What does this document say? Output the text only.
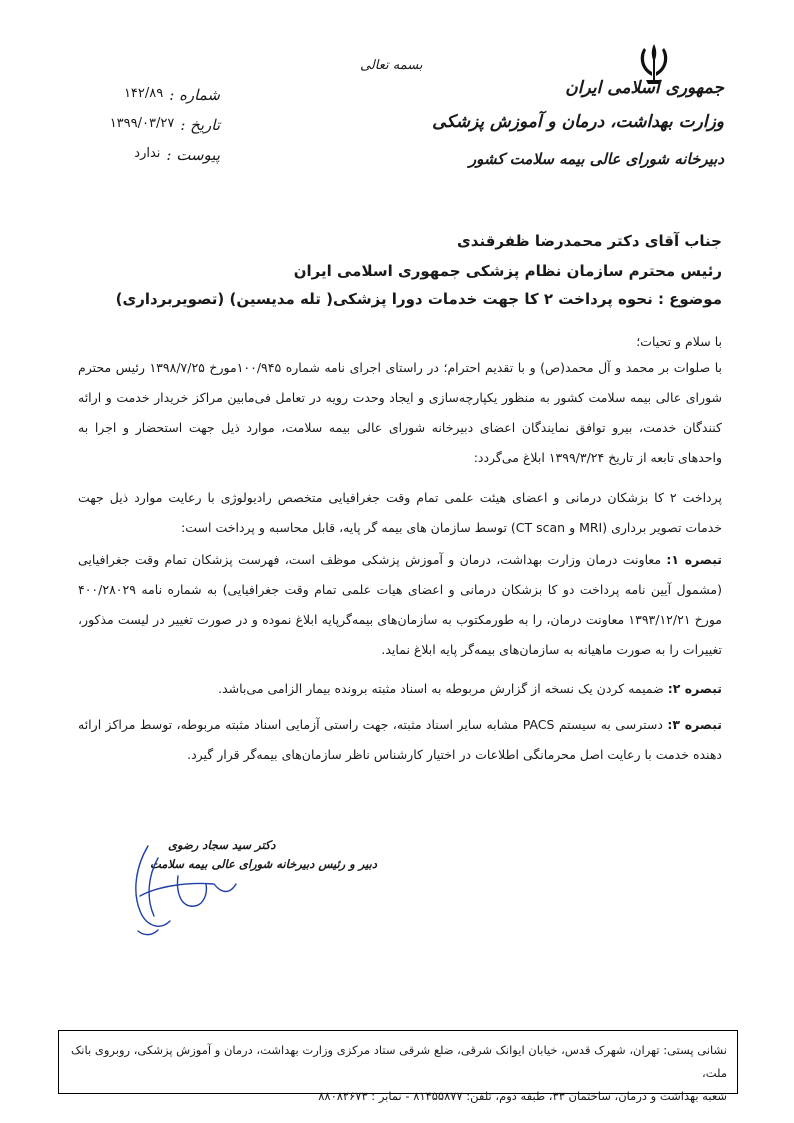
جمهوری اسلامی ایران
وزارت بهداشت، درمان و آموزش پزشکی
دبیرخانه شورای عالی بیمه سلامت کشور
بسمه تعالی
شماره :
۱۴۲/۸۹
تاریخ :
۱۳۹۹/۰۳/۲۷
پیوست :
ندارد
جناب آقای دکتر محمدرضا ظفرقندی
رئیس محترم سازمان نظام پزشکی جمهوری اسلامی ایران
موضوع : نحوه پرداخت ۲ کا جهت خدمات دورا پزشکی( تله مدیسین) (تصویربرداری)
با سلام و تحیات؛
با صلوات بر محمد و آل محمد(ص) و با تقدیم احترام؛ در راستای اجرای نامه شماره ۱۰۰/۹۴۵مورخ ۱۳۹۸/۷/۲۵ رئیس محترم شورای عالی بیمه سلامت کشور به منظور یکپارچه‌سازی و ایجاد وحدت رویه در تعامل فی‌مابین مراکز خریدار خدمت و ارائه کنندگان خدمت، بیرو توافق نمایندگان اعضای دبیرخانه شورای عالی بیمه سلامت، موارد ذیل جهت استحضار و اجرا به واحدهای تابعه از تاریخ ۱۳۹۹/۳/۲۴ ابلاغ می‌گردد:
پرداخت ۲ کا بزشکان درمانی و اعضای هیئت علمی تمام وقت جغرافیایی متخصص رادیولوژی با رعایت موارد ذیل جهت خدمات تصویر برداری (MRI و CT scan) توسط سازمان های بیمه گر پایه، قابل محاسبه و پرداخت است:
تبصره ۱: معاونت درمان وزارت بهداشت، درمان و آموزش پزشکی موظف است، فهرست پزشکان تمام وقت جغرافیایی (مشمول آیین نامه پرداخت دو کا بزشکان درمانی و اعضای هیات علمی تمام وقت جغرافیایی) به شماره نامه ۴۰۰/۲۸۰۲۹ مورخ ۱۳۹۳/۱۲/۲۱ معاونت درمان، را به طورمکتوب به سازمان‌های بیمه‌گرپایه ابلاغ نموده و در صورت تغییر در لیست مذکور، تغییرات را به صورت ماهیانه به سازمان‌های بیمه‌گر پایه ابلاغ نماید.
تبصره ۲: ضمیمه کردن یک نسخه از گزارش مربوطه به اسناد مثبته برونده بیمار الزامی می‌باشد.
تبصره ۳: دسترسی به سیستم PACS مشابه سایر اسناد مثبته، جهت راستی آزمایی اسناد مثبته مربوطه، توسط مراکز ارائه دهنده خدمت با رعایت اصل محرمانگی اطلاعات در اختیار کارشناس ناظر سازمان‌های بیمه‌گر قرار گیرد.
دکتر سید سجاد رضوی
دبیر و رئیس دبیرخانه شورای عالی بیمه سلامت
نشانی پستی: تهران، شهرک قدس، خیابان ایوانک شرقی، ضلع شرقی ستاد مرکزی وزارت بهداشت، درمان و آموزش پزشکی، روبروی بانک ملت،
شعبه بهداشت و درمان، ساختمان ۳۳، طبقه دوم، تلفن: ۸۱۴۵۵۸۷۷ - نمابر : ۸۸۰۸۲۶۷۳
